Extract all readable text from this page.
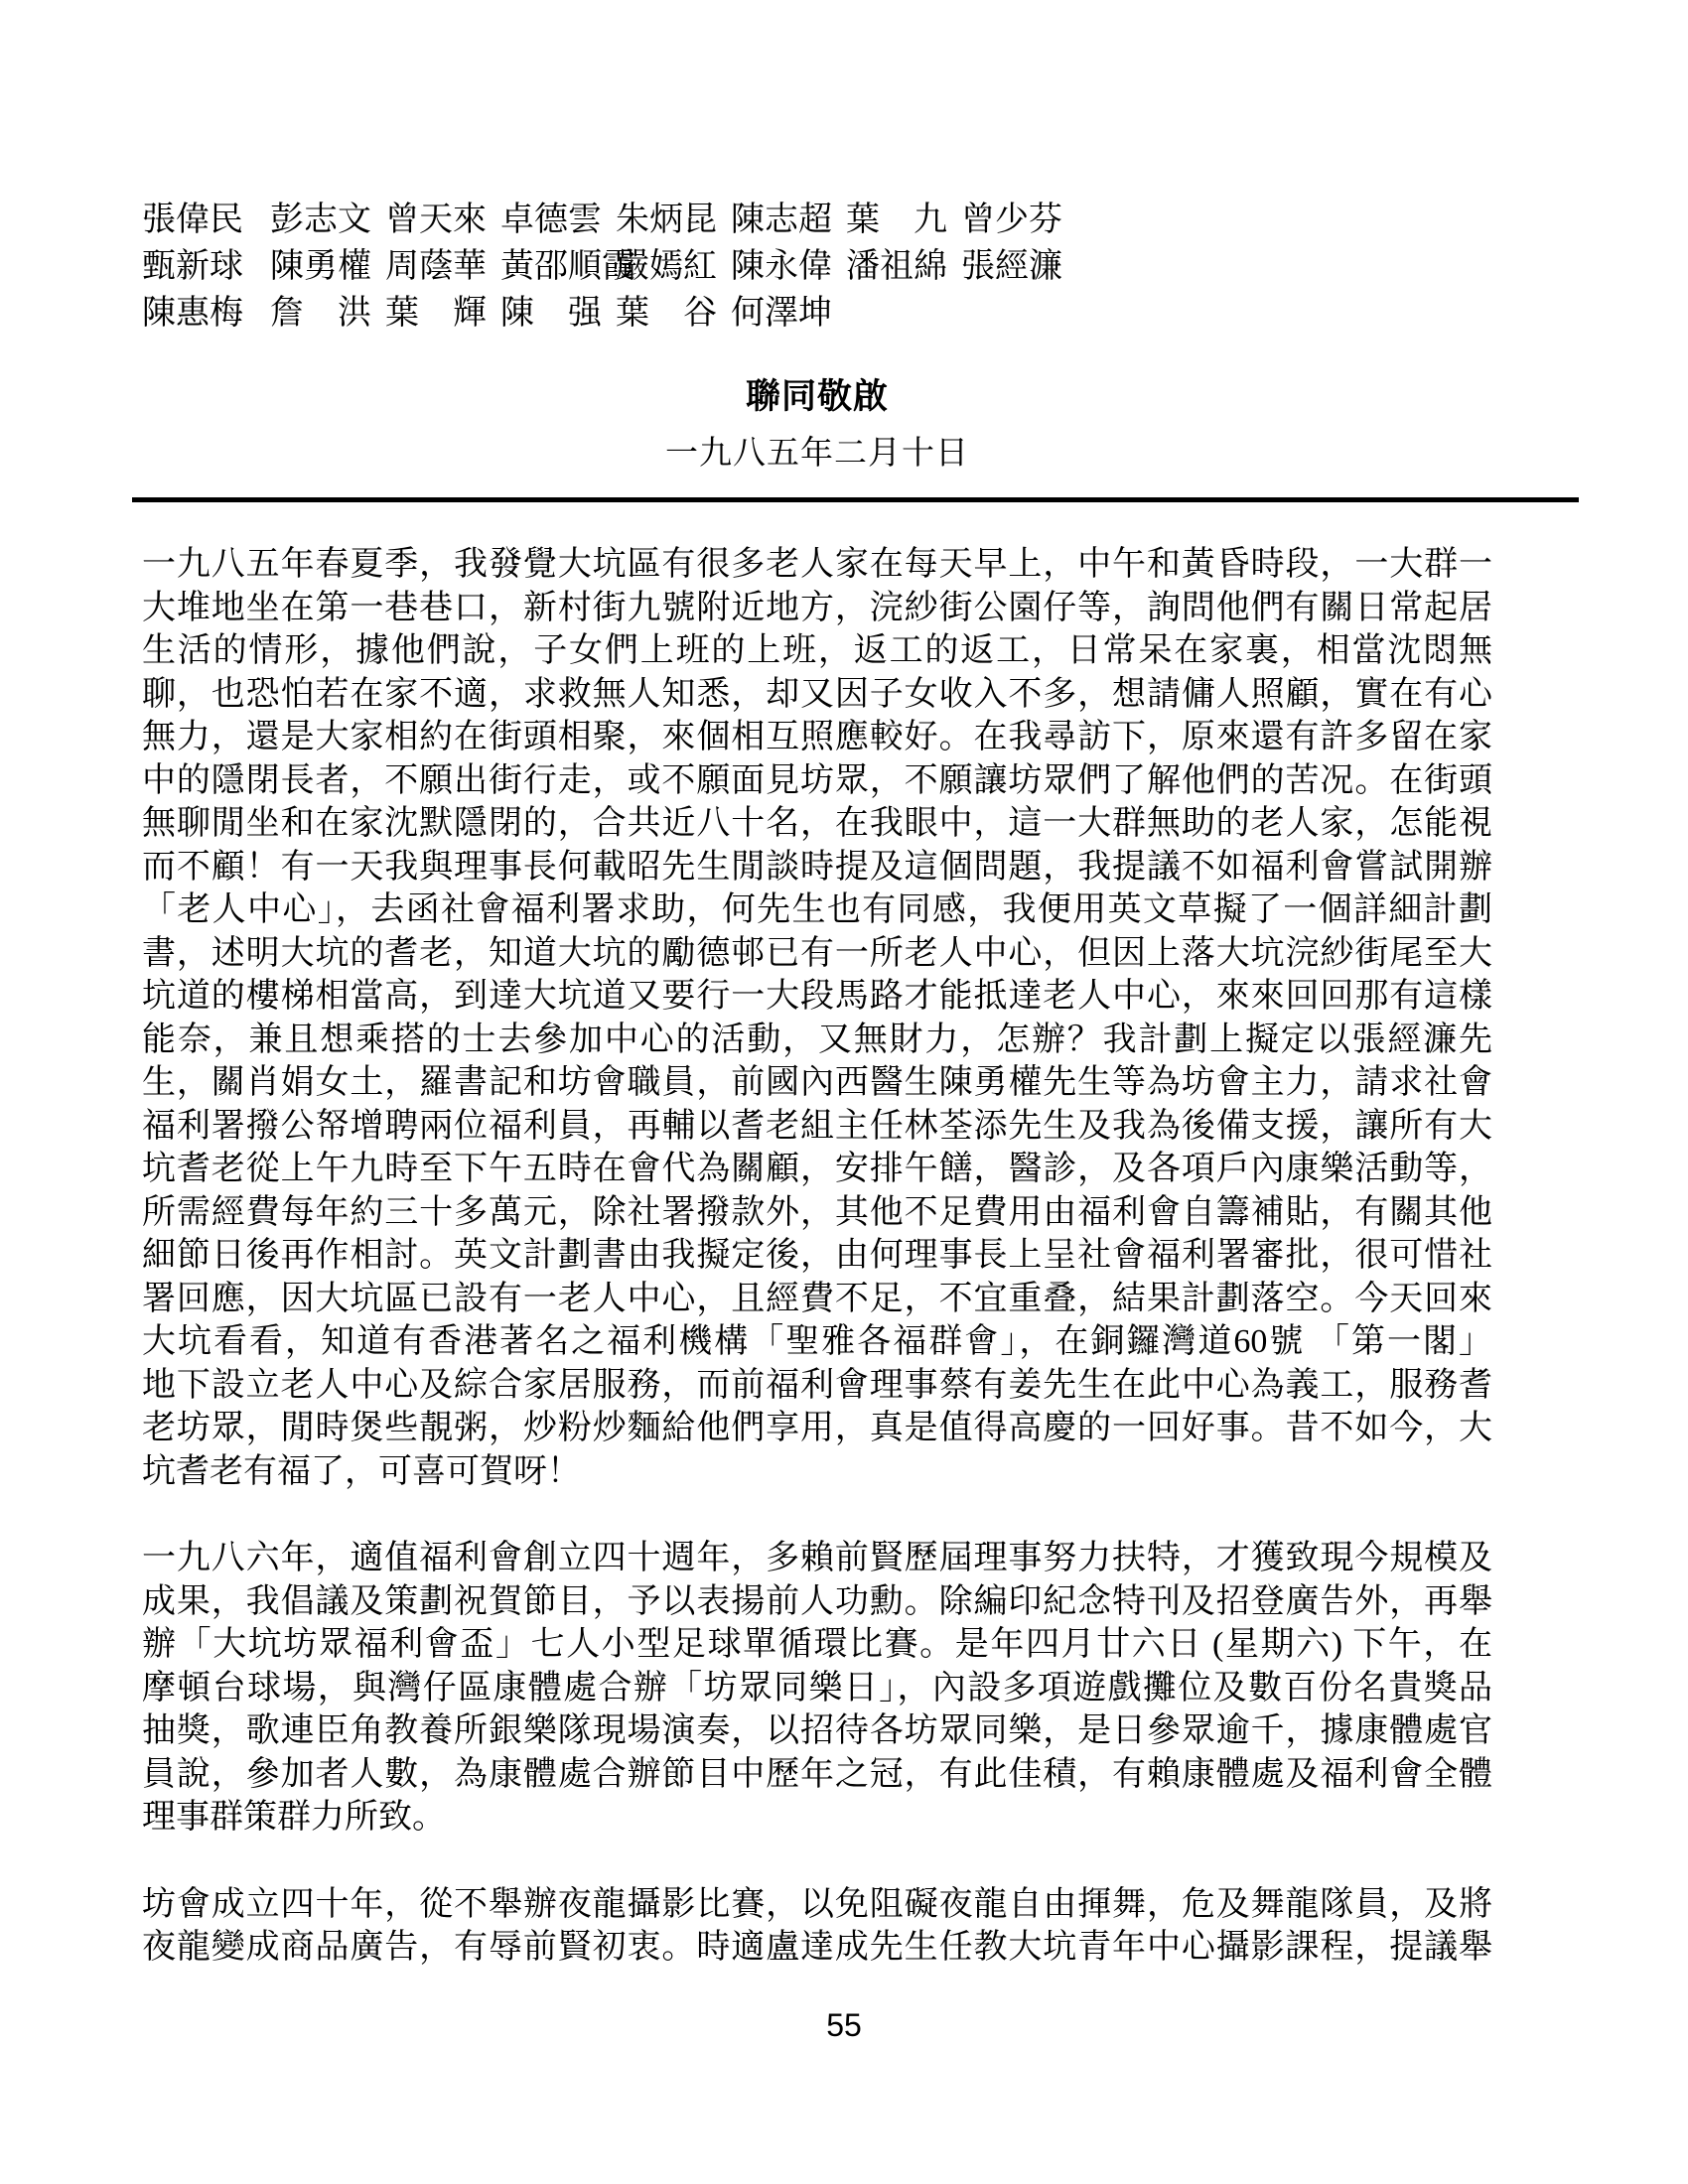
張偉民 彭志文 曾天來 卓德雲 朱炳昆 陳志超 葉　九 曾少芬
甄新球 陳勇權 周蔭華 黃邵順霞
嚴嫣紅 陳永偉 潘祖綿 張經濂
陳惠梅 詹　洪 葉　輝 陳　强 葉　谷 何澤坤
聯同敬啟
一九八五年二月十日
一九八五年春夏季，我發覺大坑區有很多老人家在每天早上，中午和黃昏時段，一大群一
大堆地坐在第一巷巷口，新村街九號附近地方，浣紗街公園仔等，詢問他們有關日常起居
生活的情形，據他們說，子女們上班的上班，返工的返工，日常呆在家裏，相當沈悶無
聊，也恐怕若在家不適，求救無人知悉，却又因子女收入不多，想請傭人照顧，實在有心
無力，還是大家相約在街頭相聚，來個相互照應較好。在我尋訪下，原來還有許多留在家
中的隱閉長者，不願出街行走，或不願面見坊眾，不願讓坊眾們了解他們的苦况。在街頭
無聊閒坐和在家沈默隱閉的，合共近八十名，在我眼中，這一大群無助的老人家，怎能視
而不顧！有一天我與理事長何載昭先生閒談時提及這個問題，我提議不如福利會嘗試開辦
「老人中心」，去函社會福利署求助，何先生也有同感，我便用英文草擬了一個詳細計劃
書，述明大坑的耆老，知道大坑的勵德邨已有一所老人中心，但因上落大坑浣紗街尾至大
坑道的樓梯相當高，到達大坑道又要行一大段馬路才能抵達老人中心，來來回回那有這樣
能奈，兼且想乘搭的士去參加中心的活動，又無財力，怎辦？我計劃上擬定以張經濂先
生，關肖娟女土，羅書記和坊會職員，前國內西醫生陳勇權先生等為坊會主力，請求社會
福利署撥公帑增聘兩位福利員，再輔以耆老組主任林荃添先生及我為後備支援，讓所有大
坑耆老從上午九時至下午五時在會代為關顧，安排午饍，醫診，及各項戶內康樂活動等，
所需經費每年約三十多萬元，除社署撥款外，其他不足費用由福利會自籌補貼，有關其他
細節日後再作相討。英文計劃書由我擬定後，由何理事長上呈社會福利署審批，很可惜社
署回應，因大坑區已設有一老人中心，且經費不足，不宜重叠，結果計劃落空。今天回來
大坑看看，知道有香港著名之福利機構「聖雅各福群會」，在銅鑼灣道60號 「第一閣」
地下設立老人中心及綜合家居服務，而前福利會理事蔡有姜先生在此中心為義工，服務耆
老坊眾，閒時煲些靚粥，炒粉炒麵給他們享用，真是值得高慶的一回好事。昔不如今，大
坑耆老有福了，可喜可賀呀！
一九八六年，適值福利會創立四十週年，多賴前賢歷屆理事努力扶特，才獲致現今規模及
成果，我倡議及策劃祝賀節目，予以表揚前人功勳。除編印紀念特刊及招登廣告外，再舉
辦「大坑坊眾福利會盃」七人小型足球單循環比賽。是年四月廿六日 (星期六) 下午，在
摩頓台球場，與灣仔區康體處合辦「坊眾同樂日」，內設多項遊戲攤位及數百份名貴獎品
抽獎，歌連臣角教養所銀樂隊現場演奏，以招待各坊眾同樂，是日參眾逾千，據康體處官
員說，參加者人數，為康體處合辦節目中歷年之冠，有此佳積，有賴康體處及福利會全體
理事群策群力所致。
坊會成立四十年，從不舉辦夜龍攝影比賽，以免阻礙夜龍自由揮舞，危及舞龍隊員，及將
夜龍變成商品廣告，有辱前賢初衷。時適盧達成先生任教大坑青年中心攝影課程，提議舉
55
